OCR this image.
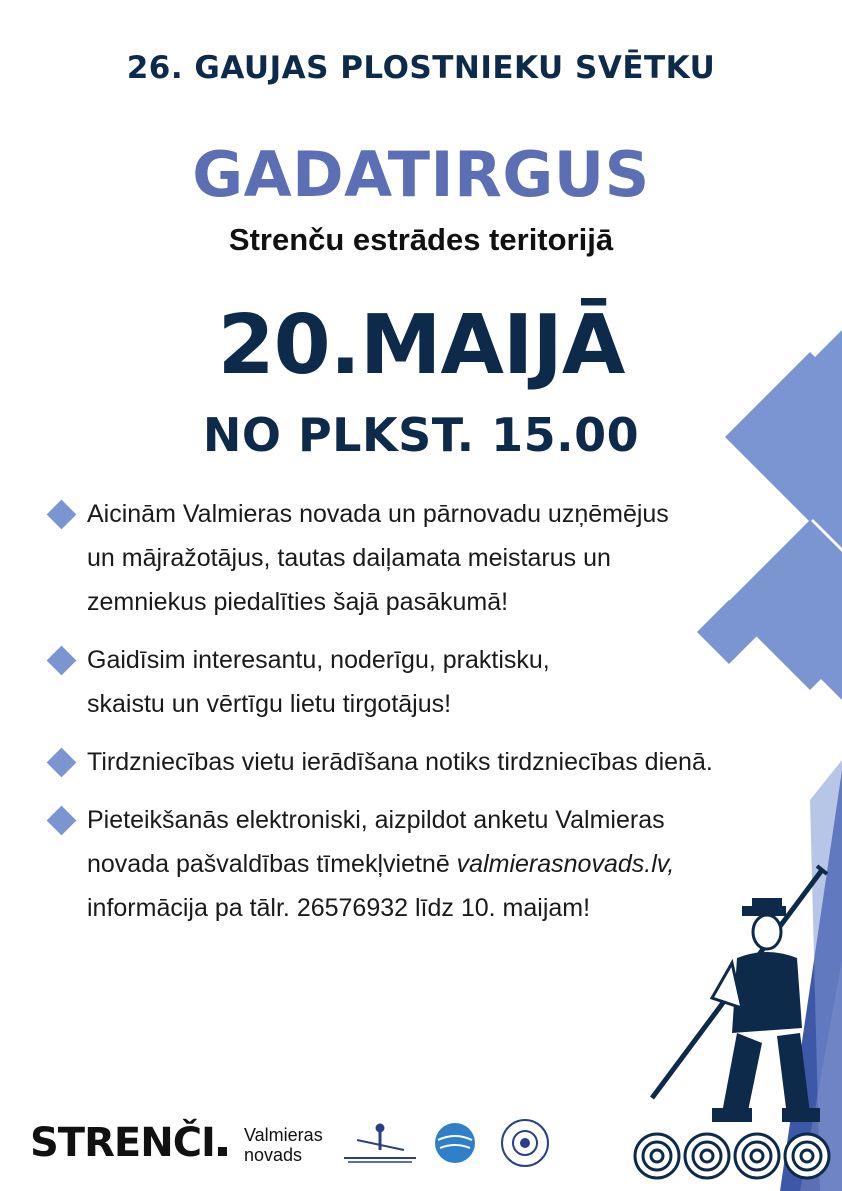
26. GAUJAS PLOSTNIEKU SVĒTKU
GADATIRGUS
Strenču estrādes teritorijā
20.MAIJĀ
NO PLKST. 15.00

Aicinām Valmieras novada un pārnovadu uzņēmējus

un mājražotājus, tautas daiļamata meistarus un

zemniekus piedalīties šajā pasākumā!

Gaidīsim interesantu, noderīgu, praktisku,

skaistu un vērtīgu lietu tirgotājus!

Tirdzniecības vietu ierādīšana notiks tirdzniecības dienā.

Pieteikšanās elektroniski, aizpildot anketu Valmieras

novada pašvaldības tīmekļvietnē valmierasnovads.lv,

informācija pa tālr. 26576932 līdz 10. maijam!

STRENČI	Valmieras
novads
